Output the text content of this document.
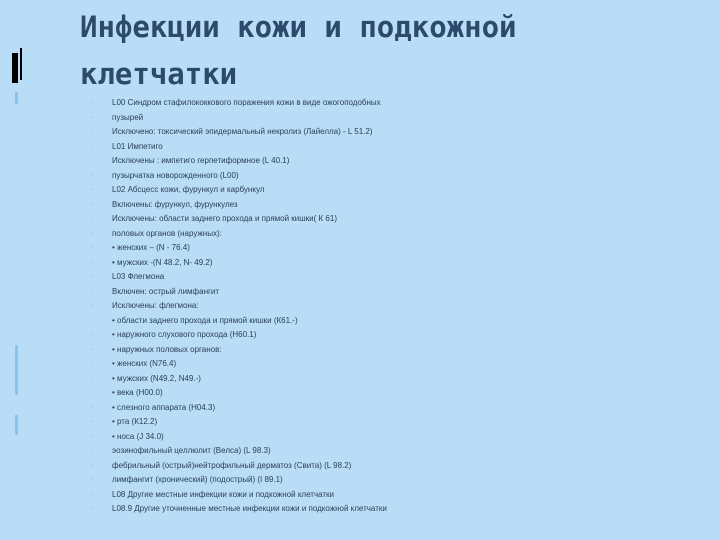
Инфекции кожи и подкожной
клетчатки
◦ L00 Синдром стафилококкового поражения кожи в виде ожогоподобных
◦ пузырей
◦ Исключено: токсический эпидермальный некролиз (Лайелла) - L 51.2)
◦ L01 Импетиго
◦ Исключены : импетиго герпетиформное (L 40.1)
◦ пузырчатка новорожденного (L00)
◦ L02 Абсцесс кожи, фурункул и карбункул
◦ Включены: фурункул, фурункулез
◦ Исключены: области заднего прохода и прямой кишки( К 61)
◦ половых органов (наружных):
◦ • женских – (N - 76.4)
◦ • мужских -(N 48.2, N- 49.2)
◦ L03 Флегмона
◦ Включен: острый лимфангит
◦ Исключены: флегмона:
◦ • области заднего прохода и прямой кишки (К61.-)
◦ • наружного слухового прохода (Н60.1)
◦ • наружных половых органов:
◦ • женских (N76.4)
◦ • мужских (N49.2, N49.-)
◦ • века (Н00.0)
◦ • слезного аппарата (Н04.3)
◦ • рта (К12.2)
◦ • носа (J 34.0)
◦ эозинофильный целлюлит (Велса) (L 98.3)
◦ фебрильный (острый)нейтрофильный дерматоз (Свита) (L 98.2)
◦ лимфангит (хронический) (подострый) (I 89.1)
◦ L08 Другие местные инфекции кожи и подкожной клетчатки
◦ L08.9 Другие уточненные местные инфекции кожи и подкожной клетчатки
